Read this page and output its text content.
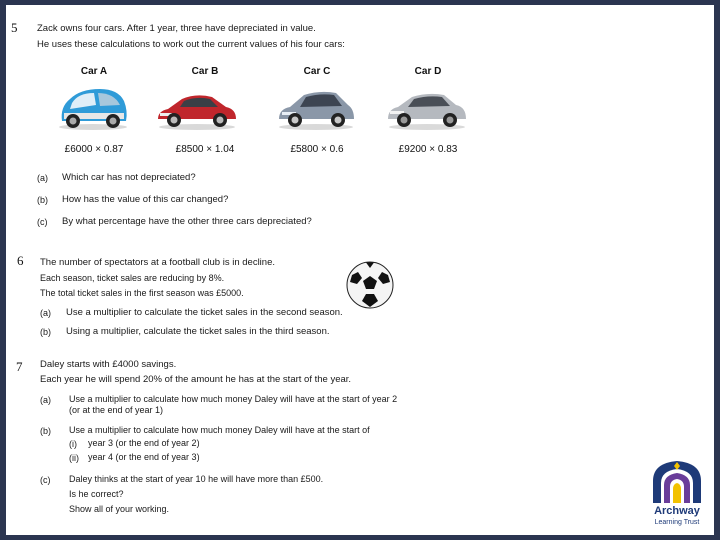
5 Zack owns four cars. After 1 year, three have depreciated in value.
He uses these calculations to work out the current values of his four cars:
Car A	Car B	Car C	Car D
£6000 × 0.87	£8500 × 1.04	£5800 × 0.6	£9200 × 0.83
(a) Which car has not depreciated?
(b) How has the value of this car changed?
(c) By what percentage have the other three cars depreciated?
6 The number of spectators at a football club is in decline.
Each season, ticket sales are reducing by 8%.
The total ticket sales in the first season was £5000.
(a) Use a multiplier to calculate the ticket sales in the second season.
(b) Using a multiplier, calculate the ticket sales in the third season.
7 Daley starts with £4000 savings.
Each year he will spend 20% of the amount he has at the start of the year.
(a) Use a multiplier to calculate how much money Daley will have at the start of year 2
(or at the end of year 1)
(b) Use a multiplier to calculate how much money Daley will have at the start of
(i) year 3 (or the end of year 2)
(ii) year 4 (or the end of year 3)
(c) Daley thinks at the start of year 10 he will have more than £500.
Is he correct?
Show all of your working.	Archway
Learning Trust
